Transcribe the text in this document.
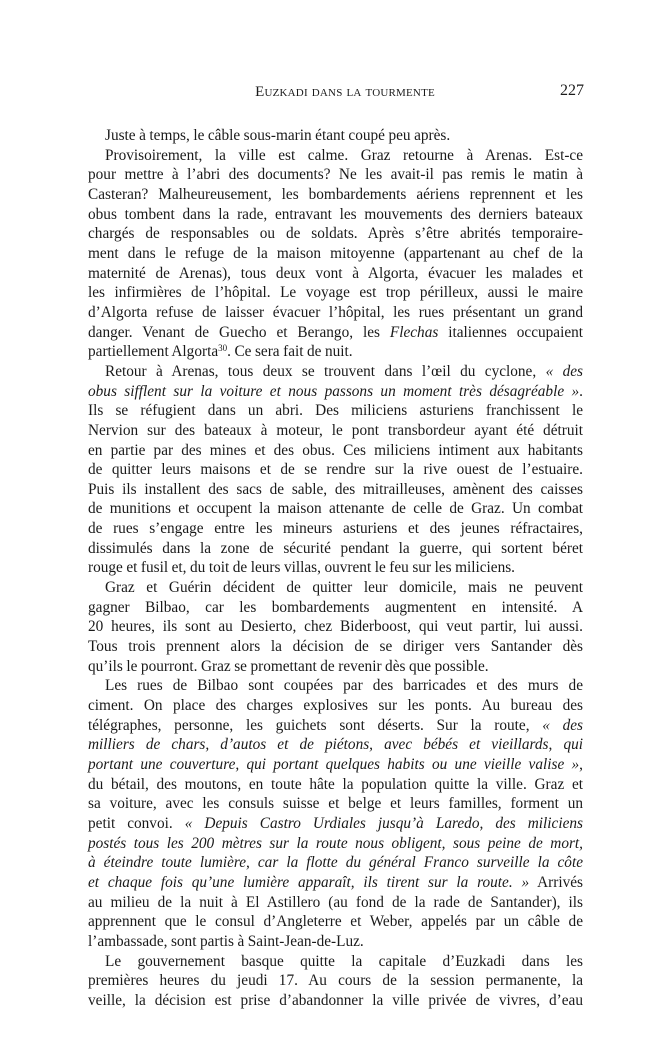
Euzkadi dans la tourmente	227
Juste à temps, le câble sous-marin étant coupé peu après.
Provisoirement, la ville est calme. Graz retourne à Arenas. Est-ce
pour mettre à l’abri des documents? Ne les avait-il pas remis le matin à
Casteran? Malheureusement, les bombardements aériens reprennent et les
obus tombent dans la rade, entravant les mouvements des derniers bateaux
chargés de responsables ou de soldats. Après s’être abrités temporaire-
ment dans le refuge de la maison mitoyenne (appartenant au chef de la
maternité de Arenas), tous deux vont à Algorta, évacuer les malades et
les infirmières de l’hôpital. Le voyage est trop périlleux, aussi le maire
d’Algorta refuse de laisser évacuer l’hôpital, les rues présentant un grand
danger. Venant de Guecho et Berango, les Flechas italiennes occupaient
partiellement Algorta$^{30}$. Ce sera fait de nuit.
Retour à Arenas, tous deux se trouvent dans l’œil du cyclone, « des
obus sifflent sur la voiture et nous passons un moment très désagréable ».
Ils se réfugient dans un abri. Des miliciens asturiens franchissent le
Nervion sur des bateaux à moteur, le pont transbordeur ayant été détruit
en partie par des mines et des obus. Ces miliciens intiment aux habitants
de quitter leurs maisons et de se rendre sur la rive ouest de l’estuaire.
Puis ils installent des sacs de sable, des mitrailleuses, amènent des caisses
de munitions et occupent la maison attenante de celle de Graz. Un combat
de rues s’engage entre les mineurs asturiens et des jeunes réfractaires,
dissimulés dans la zone de sécurité pendant la guerre, qui sortent béret
rouge et fusil et, du toit de leurs villas, ouvrent le feu sur les miliciens.
Graz et Guérin décident de quitter leur domicile, mais ne peuvent
gagner Bilbao, car les bombardements augmentent en intensité. A
20 heures, ils sont au Desierto, chez Biderboost, qui veut partir, lui aussi.
Tous trois prennent alors la décision de se diriger vers Santander dès
qu’ils le pourront. Graz se promettant de revenir dès que possible.
Les rues de Bilbao sont coupées par des barricades et des murs de
ciment. On place des charges explosives sur les ponts. Au bureau des
télégraphes, personne, les guichets sont déserts. Sur la route, « des
milliers de chars, d’autos et de piétons, avec bébés et vieillards, qui
portant une couverture, qui portant quelques habits ou une vieille valise »,
du bétail, des moutons, en toute hâte la population quitte la ville. Graz et
sa voiture, avec les consuls suisse et belge et leurs familles, forment un
petit convoi. « Depuis Castro Urdiales jusqu’à Laredo, des miliciens
postés tous les 200 mètres sur la route nous obligent, sous peine de mort,
à éteindre toute lumière, car la flotte du général Franco surveille la côte
et chaque fois qu’une lumière apparaît, ils tirent sur la route. » Arrivés
au milieu de la nuit à El Astillero (au fond de la rade de Santander), ils
apprennent que le consul d’Angleterre et Weber, appelés par un câble de
l’ambassade, sont partis à Saint-Jean-de-Luz.
Le gouvernement basque quitte la capitale d’Euzkadi dans les
premières heures du jeudi 17. Au cours de la session permanente, la
veille, la décision est prise d’abandonner la ville privée de vivres, d’eau
